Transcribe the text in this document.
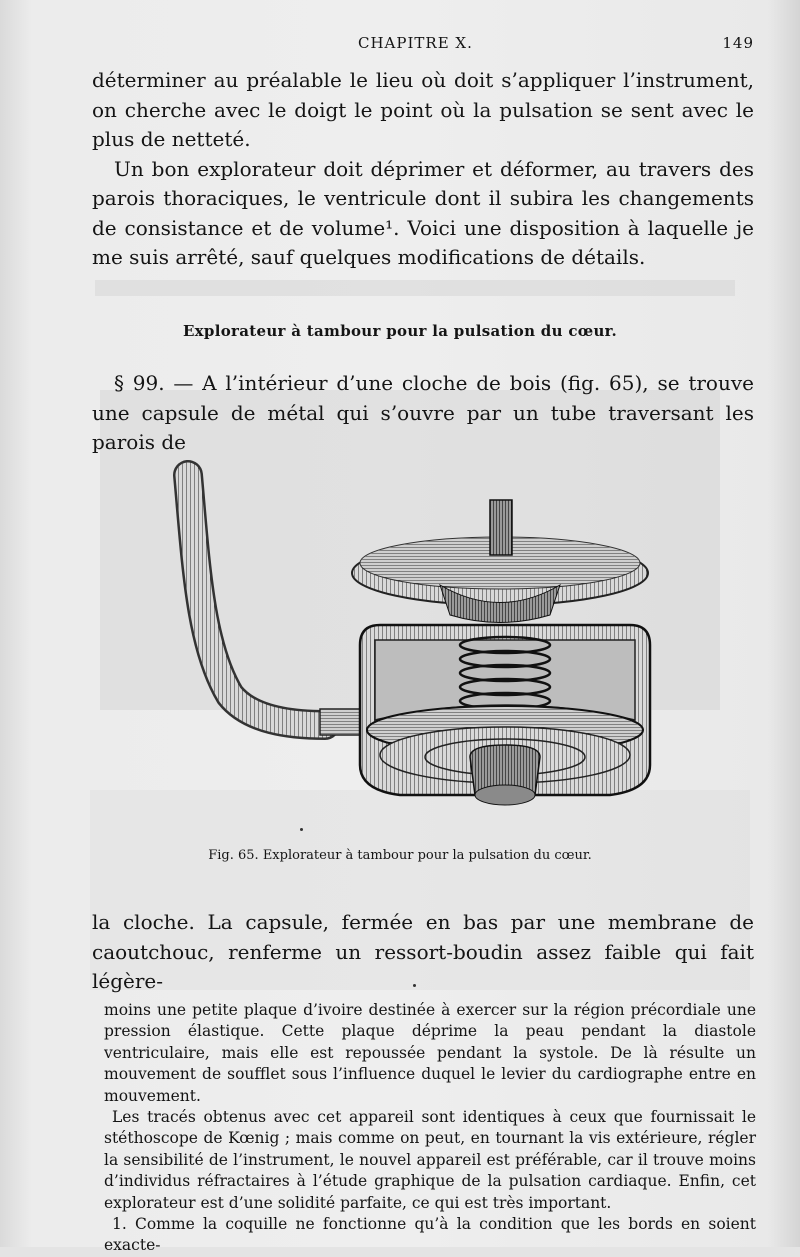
CHAPITRE X.	149

déterminer au préalable le lieu où doit s’appliquer l’instrument, on cherche avec le doigt le point où la pulsation se sent avec le plus de netteté.

Un bon explorateur doit déprimer et déformer, au travers des parois thoraciques, le ventricule dont il subira les changements de consistance et de volume¹. Voici une disposition à laquelle je me suis arrêté, sauf quelques modifications de détails.

Explorateur à tambour pour la pulsation du cœur.

§ 99. — A l’intérieur d’une cloche de bois (fig. 65), se trouve une capsule de métal qui s’ouvre par un tube traversant les parois de

Fig. 65. Explorateur à tambour pour la pulsation du cœur.

la cloche. La capsule, fermée en bas par une membrane de caoutchouc, renferme un ressort-boudin assez faible qui fait légère-

moins une petite plaque d’ivoire destinée à exercer sur la région précordiale une pression élastique. Cette plaque déprime la peau pendant la diastole ventriculaire, mais elle est repoussée pendant la systole. De là résulte un mouvement de soufflet sous l’influence duquel le levier du cardiographe entre en mouvement.

Les tracés obtenus avec cet appareil sont identiques à ceux que fournissait le stéthoscope de Kœnig ; mais comme on peut, en tournant la vis extérieure, régler la sensibilité de l’instrument, le nouvel appareil est préférable, car il trouve moins d’individus réfractaires à l’étude graphique de la pulsation cardiaque. Enfin, cet explorateur est d’une solidité parfaite, ce qui est très important.

1. Comme la coquille ne fonctionne qu’à la condition que les bords en soient exacte-
